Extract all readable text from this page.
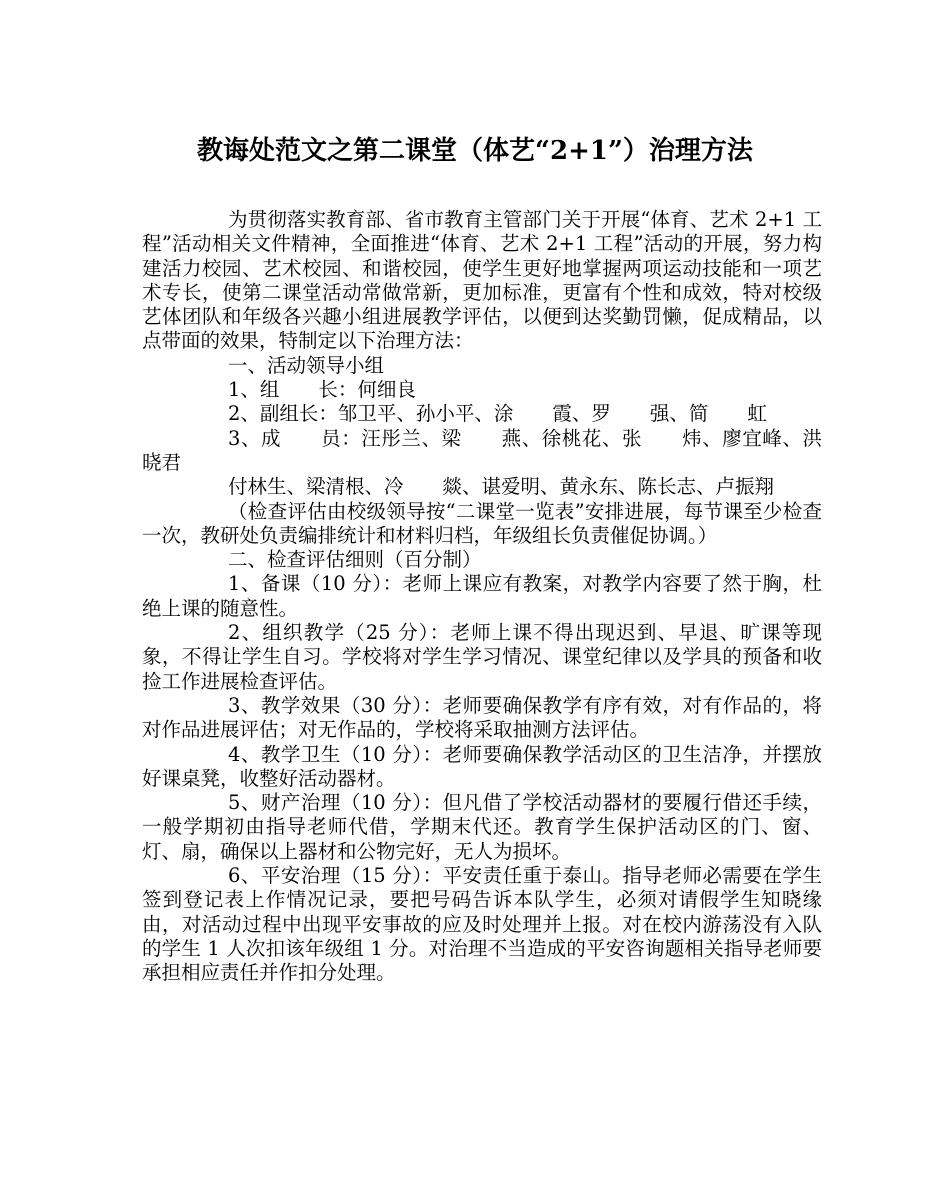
教诲处范文之第二课堂（体艺“2+1”）治理方法

为贯彻落实教育部、省市教育主管部门关于开展“体育、艺术 2+1 工程”活动相关文件精神，全面推进“体育、艺术 2+1 工程”活动的开展，努力构建活力校园、艺术校园、和谐校园，使学生更好地掌握两项运动技能和一项艺术专长，使第二课堂活动常做常新，更加标准，更富有个性和成效，特对校级艺体团队和年级各兴趣小组进展教学评估，以便到达奖勤罚懒，促成精品，以点带面的效果，特制定以下治理方法：

一、活动领导小组

1、组　　长：何细良

2、副组长：邹卫平、孙小平、涂　　霞、罗　　强、简　　虹

3、成　　员：汪彤兰、梁　　燕、徐桃花、张　　炜、廖宜峰、洪晓君

付林生、梁清根、冷　　燚、谌爱明、黄永东、陈长志、卢振翔

（检查评估由校级领导按“二课堂一览表”安排进展，每节课至少检查一次，教研处负责编排统计和材料归档，年级组长负责催促协调。）

二、检查评估细则（百分制）

1、备课（10 分）：老师上课应有教案，对教学内容要了然于胸，杜绝上课的随意性。

2、组织教学（25 分）：老师上课不得出现迟到、早退、旷课等现象，不得让学生自习。学校将对学生学习情况、课堂纪律以及学具的预备和收捡工作进展检查评估。

3、教学效果（30 分）：老师要确保教学有序有效，对有作品的，将对作品进展评估；对无作品的，学校将采取抽测方法评估。

4、教学卫生（10 分）：老师要确保教学活动区的卫生洁净，并摆放好课桌凳，收整好活动器材。

5、财产治理（10 分）：但凡借了学校活动器材的要履行借还手续，一般学期初由指导老师代借，学期末代还。教育学生保护活动区的门、窗、灯、扇，确保以上器材和公物完好，无人为损坏。

6、平安治理（15 分）：平安责任重于泰山。指导老师必需要在学生签到登记表上作情况记录，要把号码告诉本队学生，必须对请假学生知晓缘由，对活动过程中出现平安事故的应及时处理并上报。对在校内游荡没有入队的学生 1 人次扣该年级组 1 分。对治理不当造成的平安咨询题相关指导老师要承担相应责任并作扣分处理。
